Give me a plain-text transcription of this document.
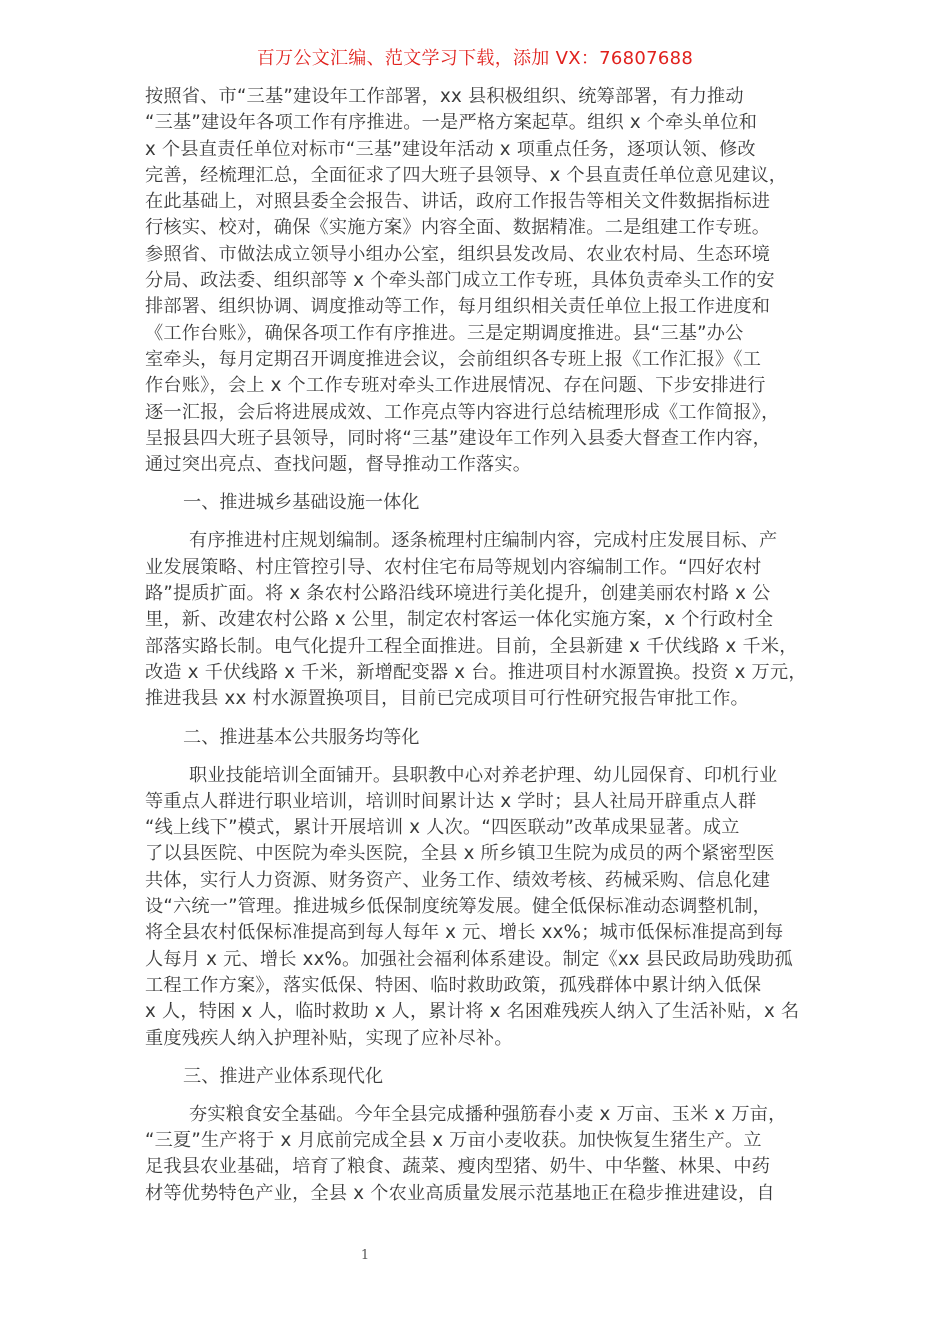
百万公文汇编、范文学习下载，添加 VX：76807688
按照省、市“三基”建设年工作部署，xx 县积极组织、统筹部署，有力推动
“三基”建设年各项工作有序推进。一是严格方案起草。组织 x 个牵头单位和
x 个县直责任单位对标市“三基”建设年活动 x 项重点任务，逐项认领、修改
完善，经梳理汇总，全面征求了四大班子县领导、x 个县直责任单位意见建议，
在此基础上，对照县委全会报告、讲话，政府工作报告等相关文件数据指标进
行核实、校对，确保《实施方案》内容全面、数据精准。二是组建工作专班。
参照省、市做法成立领导小组办公室，组织县发改局、农业农村局、生态环境
分局、政法委、组织部等 x 个牵头部门成立工作专班，具体负责牵头工作的安
排部署、组织协调、调度推动等工作，每月组织相关责任单位上报工作进度和
《工作台账》，确保各项工作有序推进。三是定期调度推进。县“三基”办公
室牵头，每月定期召开调度推进会议，会前组织各专班上报《工作汇报》《工
作台账》，会上 x 个工作专班对牵头工作进展情况、存在问题、下步安排进行
逐一汇报，会后将进展成效、工作亮点等内容进行总结梳理形成《工作简报》，
呈报县四大班子县领导，同时将“三基”建设年工作列入县委大督查工作内容，
通过突出亮点、查找问题，督导推动工作落实。
一、推进城乡基础设施一体化
有序推进村庄规划编制。逐条梳理村庄编制内容，完成村庄发展目标、产
业发展策略、村庄管控引导、农村住宅布局等规划内容编制工作。“四好农村
路”提质扩面。将 x 条农村公路沿线环境进行美化提升，创建美丽农村路 x 公
里，新、改建农村公路 x 公里，制定农村客运一体化实施方案，x 个行政村全
部落实路长制。电气化提升工程全面推进。目前，全县新建 x 千伏线路 x 千米，
改造 x 千伏线路 x 千米，新增配变器 x 台。推进项目村水源置换。投资 x 万元，
推进我县 xx 村水源置换项目，目前已完成项目可行性研究报告审批工作。
二、推进基本公共服务均等化
职业技能培训全面铺开。县职教中心对养老护理、幼儿园保育、印机行业
等重点人群进行职业培训，培训时间累计达 x 学时；县人社局开辟重点人群
“线上线下”模式，累计开展培训 x 人次。“四医联动”改革成果显著。成立
了以县医院、中医院为牵头医院，全县 x 所乡镇卫生院为成员的两个紧密型医
共体，实行人力资源、财务资产、业务工作、绩效考核、药械采购、信息化建
设“六统一”管理。推进城乡低保制度统筹发展。健全低保标准动态调整机制，
将全县农村低保标准提高到每人每年 x 元、增长 xx%；城市低保标准提高到每
人每月 x 元、增长 xx%。加强社会福利体系建设。制定《xx 县民政局助残助孤
工程工作方案》，落实低保、特困、临时救助政策，孤残群体中累计纳入低保
x 人，特困 x 人，临时救助 x 人，累计将 x 名困难残疾人纳入了生活补贴，x 名
重度残疾人纳入护理补贴，实现了应补尽补。
三、推进产业体系现代化
夯实粮食安全基础。今年全县完成播种强筋春小麦 x 万亩、玉米 x 万亩，
“三夏”生产将于 x 月底前完成全县 x 万亩小麦收获。加快恢复生猪生产。立
足我县农业基础，培育了粮食、蔬菜、瘦肉型猪、奶牛、中华鳖、林果、中药
材等优势特色产业，全县 x 个农业高质量发展示范基地正在稳步推进建设，自
1
